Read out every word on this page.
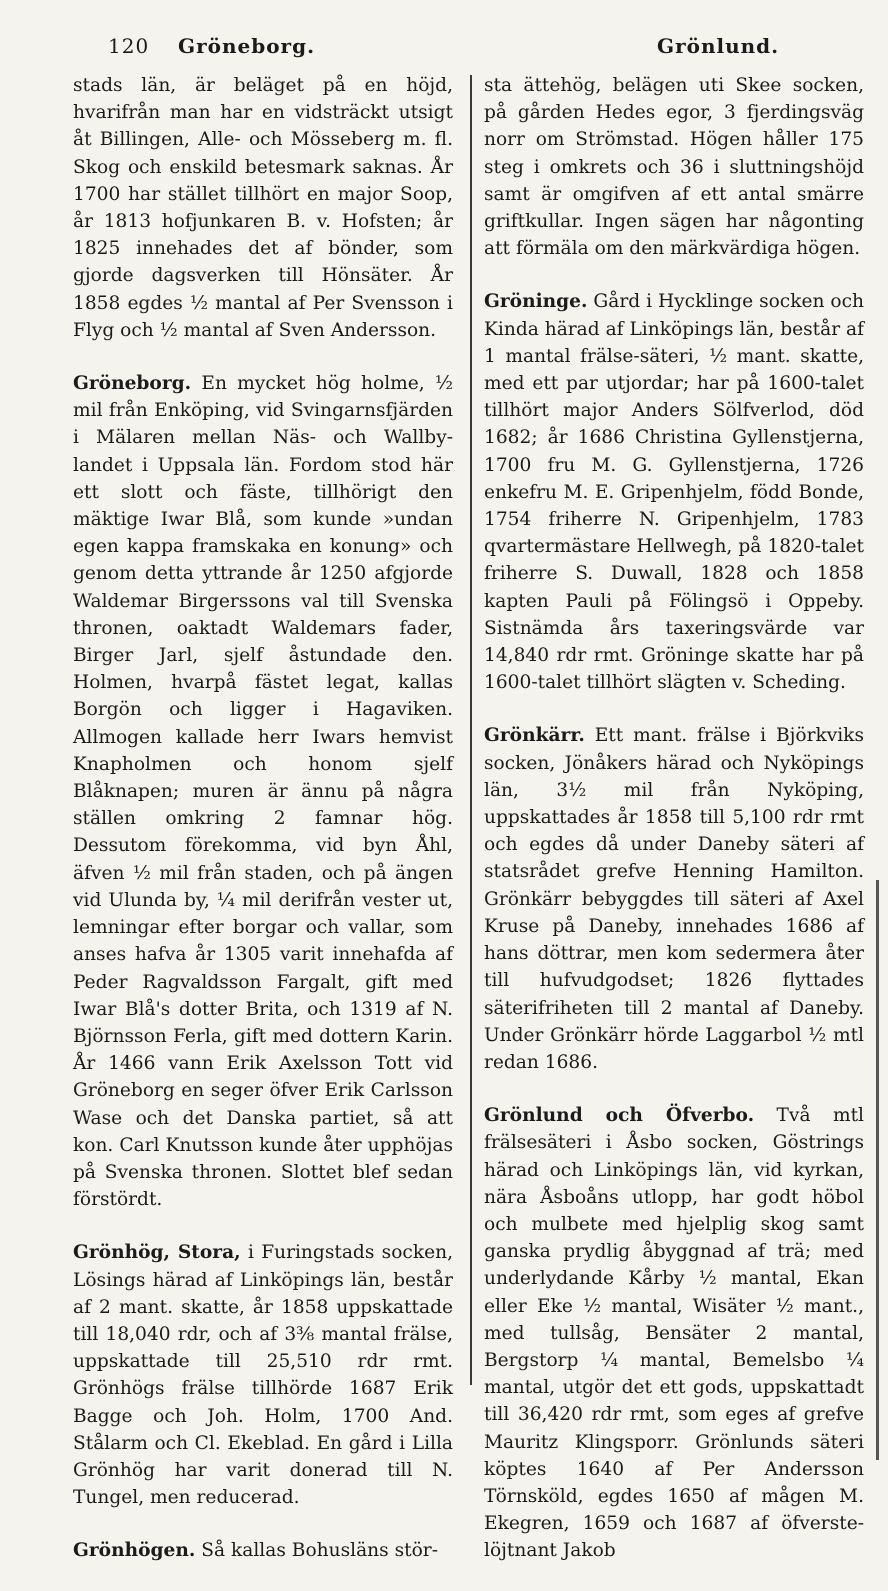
120 Gröneborg.	Grönlund.

stads län, är beläget på en höjd, hvarifrån man har en vidsträckt utsigt åt Billingen, Alle- och Mösseberg m. fl. Skog och enskild betesmark saknas. År 1700 har stället tillhört en major Soop, år 1813 hofjunkaren B. v. Hofsten; år 1825 innehades det af bönder, som gjorde dagsverken till Hönsäter. År 1858 egdes ½ mantal af Per Svensson i Flyg och ½ mantal af Sven Andersson.

Gröneborg. En mycket hög holme, ½ mil från Enköping, vid Svingarnsfjärden i Mälaren mellan Näs- och Wallby-landet i Uppsala län. Fordom stod här ett slott och fäste, tillhörigt den mäktige Iwar Blå, som kunde »undan egen kappa framskaka en konung» och genom detta yttrande år 1250 afgjorde Waldemar Birgerssons val till Svenska thronen, oaktadt Waldemars fader, Birger Jarl, sjelf åstundade den. Holmen, hvarpå fästet legat, kallas Borgön och ligger i Hagaviken. Allmogen kallade herr Iwars hemvist Knapholmen och honom sjelf Blåknapen; muren är ännu på några ställen omkring 2 famnar hög. Dessutom förekomma, vid byn Åhl, äfven ½ mil från staden, och på ängen vid Ulunda by, ¼ mil derifrån vester ut, lemningar efter borgar och vallar, som anses hafva år 1305 varit innehafda af Peder Ragvaldsson Fargalt, gift med Iwar Blå's dotter Brita, och 1319 af N. Björnsson Ferla, gift med dottern Karin. År 1466 vann Erik Axelsson Tott vid Gröneborg en seger öfver Erik Carlsson Wase och det Danska partiet, så att kon. Carl Knutsson kunde åter upphöjas på Svenska thronen. Slottet blef sedan förstördt.

Grönhög, Stora, i Furingstads socken, Lösings härad af Linköpings län, består af 2 mant. skatte, år 1858 uppskattade till 18,040 rdr, och af 3⅜ mantal frälse, uppskattade till 25,510 rdr rmt. Grönhögs frälse tillhörde 1687 Erik Bagge och Joh. Holm, 1700 And. Stålarm och Cl. Ekeblad. En gård i Lilla Grönhög har varit donerad till N. Tungel, men reducerad.

Grönhögen. Så kallas Bohusläns stör-

sta ättehög, belägen uti Skee socken, på gården Hedes egor, 3 fjerdingsväg norr om Strömstad. Högen håller 175 steg i omkrets och 36 i sluttningshöjd samt är omgifven af ett antal smärre griftkullar. Ingen sägen har någonting att förmäla om den märkvärdiga högen.

Gröninge. Gård i Hycklinge socken och Kinda härad af Linköpings län, består af 1 mantal frälse-säteri, ½ mant. skatte, med ett par utjordar; har på 1600-talet tillhört major Anders Sölfverlod, död 1682; år 1686 Christina Gyllenstjerna, 1700 fru M. G. Gyllenstjerna, 1726 enkefru M. E. Gripenhjelm, född Bonde, 1754 friherre N. Gripenhjelm, 1783 qvartermästare Hellwegh, på 1820-talet friherre S. Duwall, 1828 och 1858 kapten Pauli på Fölingsö i Oppeby. Sistnämda års taxeringsvärde var 14,840 rdr rmt. Gröninge skatte har på 1600-talet tillhört slägten v. Scheding.

Grönkärr. Ett mant. frälse i Björkviks socken, Jönåkers härad och Nyköpings län, 3½ mil från Nyköping, uppskattades år 1858 till 5,100 rdr rmt och egdes då under Daneby säteri af statsrådet grefve Henning Hamilton. Grönkärr bebyggdes till säteri af Axel Kruse på Daneby, innehades 1686 af hans döttrar, men kom sedermera åter till hufvudgodset; 1826 flyttades säterifriheten till 2 mantal af Daneby. Under Grönkärr hörde Laggarbol ½ mtl redan 1686.

Grönlund och Öfverbo. Två mtl frälsesäteri i Åsbo socken, Göstrings härad och Linköpings län, vid kyrkan, nära Åsboåns utlopp, har godt höbol och mulbete med hjelplig skog samt ganska prydlig åbyggnad af trä; med underlydande Kårby ½ mantal, Ekan eller Eke ½ mantal, Wisäter ½ mant., med tullsåg, Bensäter 2 mantal, Bergstorp ¼ mantal, Bemelsbo ¼ mantal, utgör det ett gods, uppskattadt till 36,420 rdr rmt, som eges af grefve Mauritz Klingsporr. Grönlunds säteri köptes 1640 af Per Andersson Törnsköld, egdes 1650 af mågen M. Ekegren, 1659 och 1687 af öfverste-löjtnant Jakob
